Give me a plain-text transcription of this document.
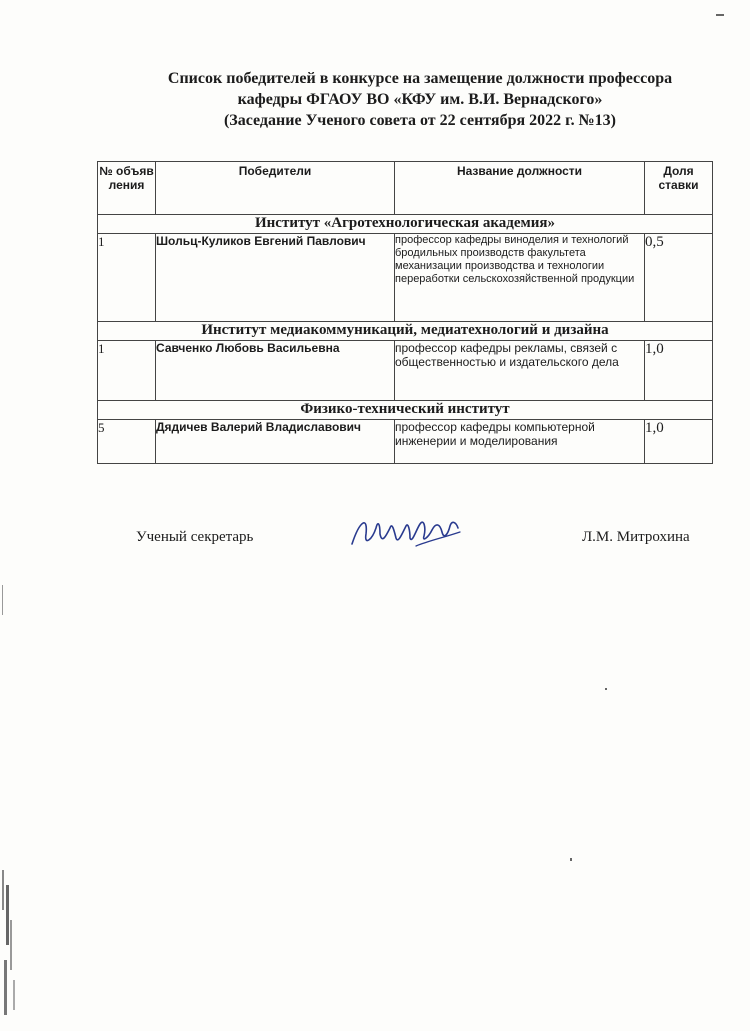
Список победителей в конкурсе на замещение должности профессора
кафедры ФГАОУ ВО «КФУ им. В.И. Вернадского»
(Заседание Ученого совета от 22 сентября 2022 г. №13)
№ объяв ления	Победители	Название должности	Доля ставки
Институт «Агротехнологическая академия»			
1	Шольц-Куликов Евгений Павлович	профессор кафедры виноделия и технологий бродильных производств факультета механизации производства и технологии переработки сельскохозяйственной продукции	0,5
Институт медиакоммуникаций, медиатехнологий и дизайна			
1	Савченко Любовь Васильевна	профессор кафедры рекламы, связей с общественностью и издательского дела	1,0
Физико-технический институт			
5	Дядичев Валерий Владиславович	профессор кафедры компьютерной инженерии и моделирования	1,0
Ученый секретарь	Л.М. Митрохина
